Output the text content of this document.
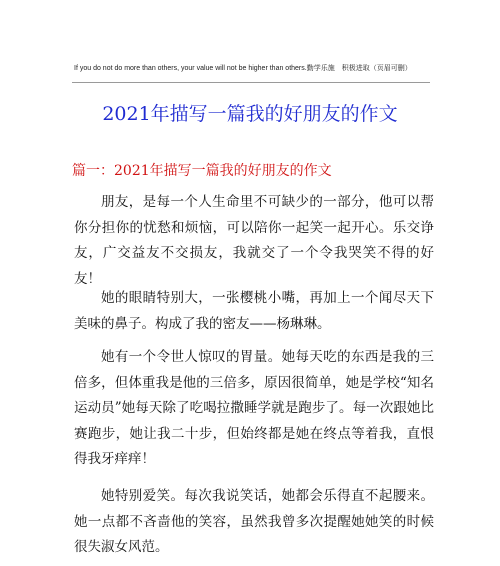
If you do not do more than others, your value will not be higher than others.勤学乐施　积极进取（页眉可删）
2021年描写一篇我的好朋友的作文
篇一：2021年描写一篇我的好朋友的作文

朋友，是每一个人生命里不可缺少的一部分，他可以帮你分担你的忧愁和烦恼，可以陪你一起笑一起开心。乐交诤友，广交益友不交损友，我就交了一个令我哭笑不得的好友！

她的眼睛特别大，一张樱桃小嘴，再加上一个闻尽天下美味的鼻子。构成了我的密友——杨琳琳。

她有一个令世人惊叹的胃量。她每天吃的东西是我的三倍多，但体重我是他的三倍多，原因很简单，她是学校“知名运动员”她每天除了吃喝拉撒睡学就是跑步了。每一次跟她比赛跑步，她让我二十步，但始终都是她在终点等着我，直恨得我牙痒痒！

她特别爱笑。每次我说笑话，她都会乐得直不起腰来。她一点都不吝啬他的笑容，虽然我曾多次提醒她她笑的时候很失淑女风范。
